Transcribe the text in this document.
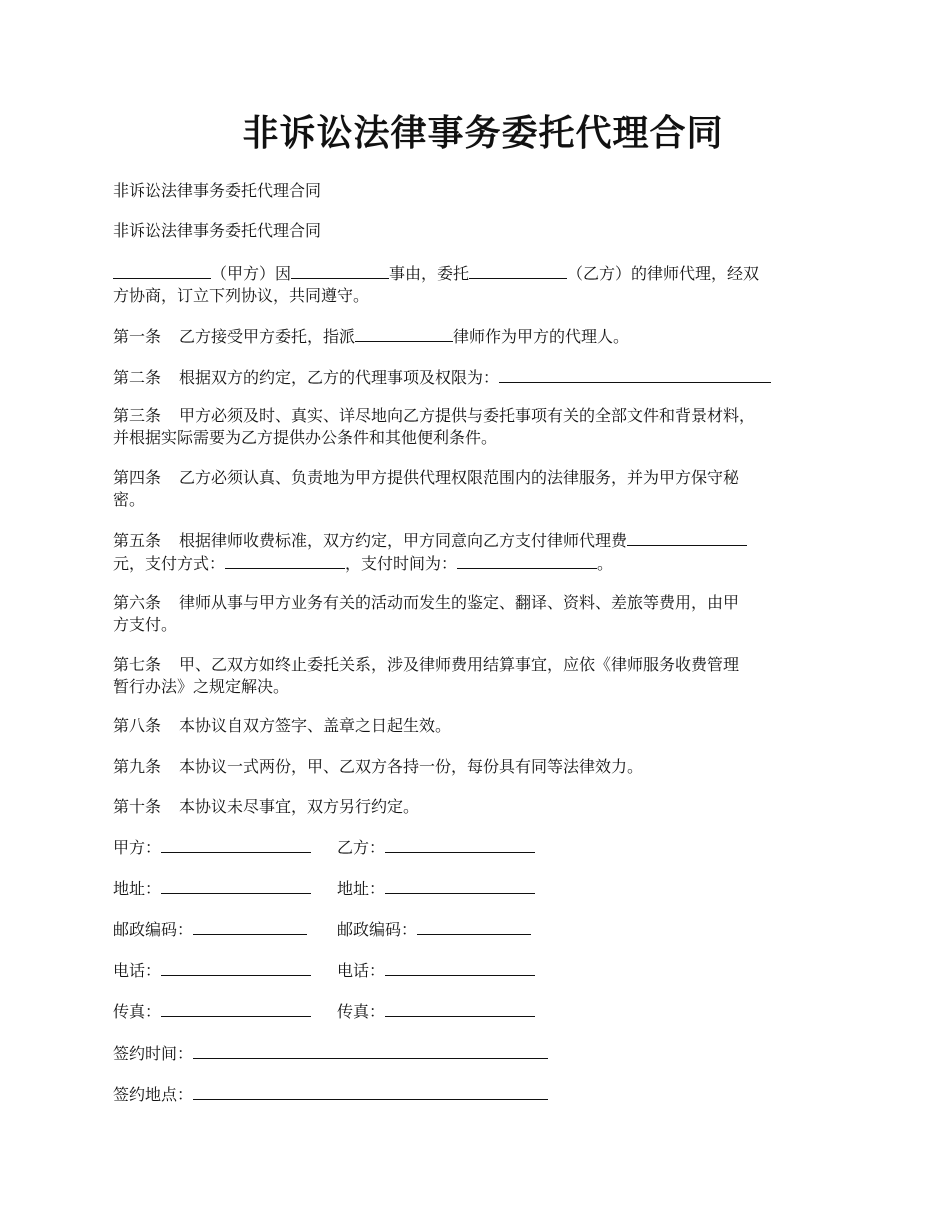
非诉讼法律事务委托代理合同

非诉讼法律事务委托代理合同

非诉讼法律事务委托代理合同

（甲方）因	事由，委托	（乙方）的律师代理，经双
方协商，订立下列协议，共同遵守。

第一条 乙方接受甲方委托，指派	律师作为甲方的代理人。

第二条 根据双方的约定，乙方的代理事项及权限为：

第三条 甲方必须及时、真实、详尽地向乙方提供与委托事项有关的全部文件和背景材料，
并根据实际需要为乙方提供办公条件和其他便利条件。

第四条 乙方必须认真、负责地为甲方提供代理权限范围内的法律服务，并为甲方保守秘
密。

第五条 根据律师收费标准，双方约定，甲方同意向乙方支付律师代理费
元，支付方式：	，支付时间为：	。

第六条 律师从事与甲方业务有关的活动而发生的鉴定、翻译、资料、差旅等费用，由甲
方支付。

第七条 甲、乙双方如终止委托关系，涉及律师费用结算事宜，应依《律师服务收费管理
暂行办法》之规定解决。

第八条 本协议自双方签字、盖章之日起生效。

第九条 本协议一式两份，甲、乙双方各持一份，每份具有同等法律效力。

第十条 本协议未尽事宜，双方另行约定。

甲方：	乙方：
地址：	地址：
邮政编码：	邮政编码：
电话：	电话：
传真：	传真：
签约时间：
签约地点：
